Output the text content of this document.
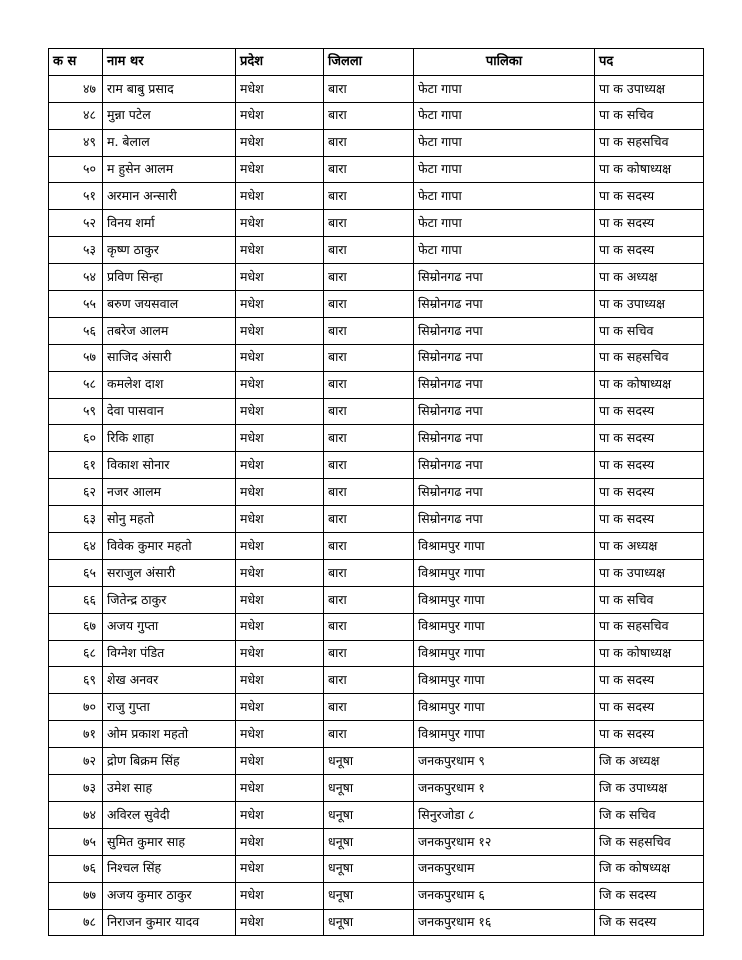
क स	नाम थर	प्रदेश	जिलला	पालिका	पद
४७	राम बाबु प्रसाद	मधेश	बारा	फेटा गापा	पा क उपाध्यक्ष
४८	मुन्ना पटेल	मधेश	बारा	फेटा गापा	पा क सचिव
४९	म. बेलाल	मधेश	बारा	फेटा गापा	पा क सहसचिव
५०	म हुसेन आलम	मधेश	बारा	फेटा गापा	पा क कोषाध्यक्ष
५१	अरमान अन्सारी	मधेश	बारा	फेटा गापा	पा क सदस्य
५२	विनय शर्मा	मधेश	बारा	फेटा गापा	पा क सदस्य
५३	कृष्ण ठाकुर	मधेश	बारा	फेटा गापा	पा क सदस्य
५४	प्रविण सिन्हा	मधेश	बारा	सिम्रोनगढ नपा	पा क अध्यक्ष
५५	बरुण जयसवाल	मधेश	बारा	सिम्रोनगढ नपा	पा क उपाध्यक्ष
५६	तबरेज आलम	मधेश	बारा	सिम्रोनगढ नपा	पा क सचिव
५७	साजिद अंसारी	मधेश	बारा	सिम्रोनगढ नपा	पा क सहसचिव
५८	कमलेश दाश	मधेश	बारा	सिम्रोनगढ नपा	पा क कोषाध्यक्ष
५९	देवा पासवान	मधेश	बारा	सिम्रोनगढ नपा	पा क सदस्य
६०	रिकि शाहा	मधेश	बारा	सिम्रोनगढ नपा	पा क सदस्य
६१	विकाश सोनार	मधेश	बारा	सिम्रोनगढ नपा	पा क सदस्य
६२	नजर आलम	मधेश	बारा	सिम्रोनगढ नपा	पा क सदस्य
६३	सोनु महतो	मधेश	बारा	सिम्रोनगढ नपा	पा क सदस्य
६४	विवेक कुमार महतो	मधेश	बारा	विश्रामपुर गापा	पा क अध्यक्ष
६५	सराजुल अंसारी	मधेश	बारा	विश्रामपुर गापा	पा क उपाध्यक्ष
६६	जितेन्द्र ठाकुर	मधेश	बारा	विश्रामपुर गापा	पा क सचिव
६७	अजय गुप्ता	मधेश	बारा	विश्रामपुर गापा	पा क सहसचिव
६८	विग्नेश पंडित	मधेश	बारा	विश्रामपुर गापा	पा क कोषाध्यक्ष
६९	शेख अनवर	मधेश	बारा	विश्रामपुर गापा	पा क सदस्य
७०	राजु गुप्ता	मधेश	बारा	विश्रामपुर गापा	पा क सदस्य
७१	ओम प्रकाश महतो	मधेश	बारा	विश्रामपुर गापा	पा क सदस्य
७२	द्रोण बिक्रम सिंह	मधेश	धनूषा	जनकपुरधाम ९	जि क अध्यक्ष
७३	उमेश साह	मधेश	धनूषा	जनकपुरधाम १	जि क उपाध्यक्ष
७४	अविरल सुवेदी	मधेश	धनूषा	सिनुरजोडा ८	जि क सचिव
७५	सुमित कुमार साह	मधेश	धनूषा	जनकपुरधाम १२	जि क सहसचिव
७६	निश्चल सिंह	मधेश	धनूषा	जनकपुरधाम	जि क कोषध्यक्ष
७७	अजय कुमार ठाकुर	मधेश	धनूषा	जनकपुरधाम ६	जि क सदस्य
७८	निराजन कुमार यादव	मधेश	धनूषा	जनकपुरधाम १६	जि क सदस्य
